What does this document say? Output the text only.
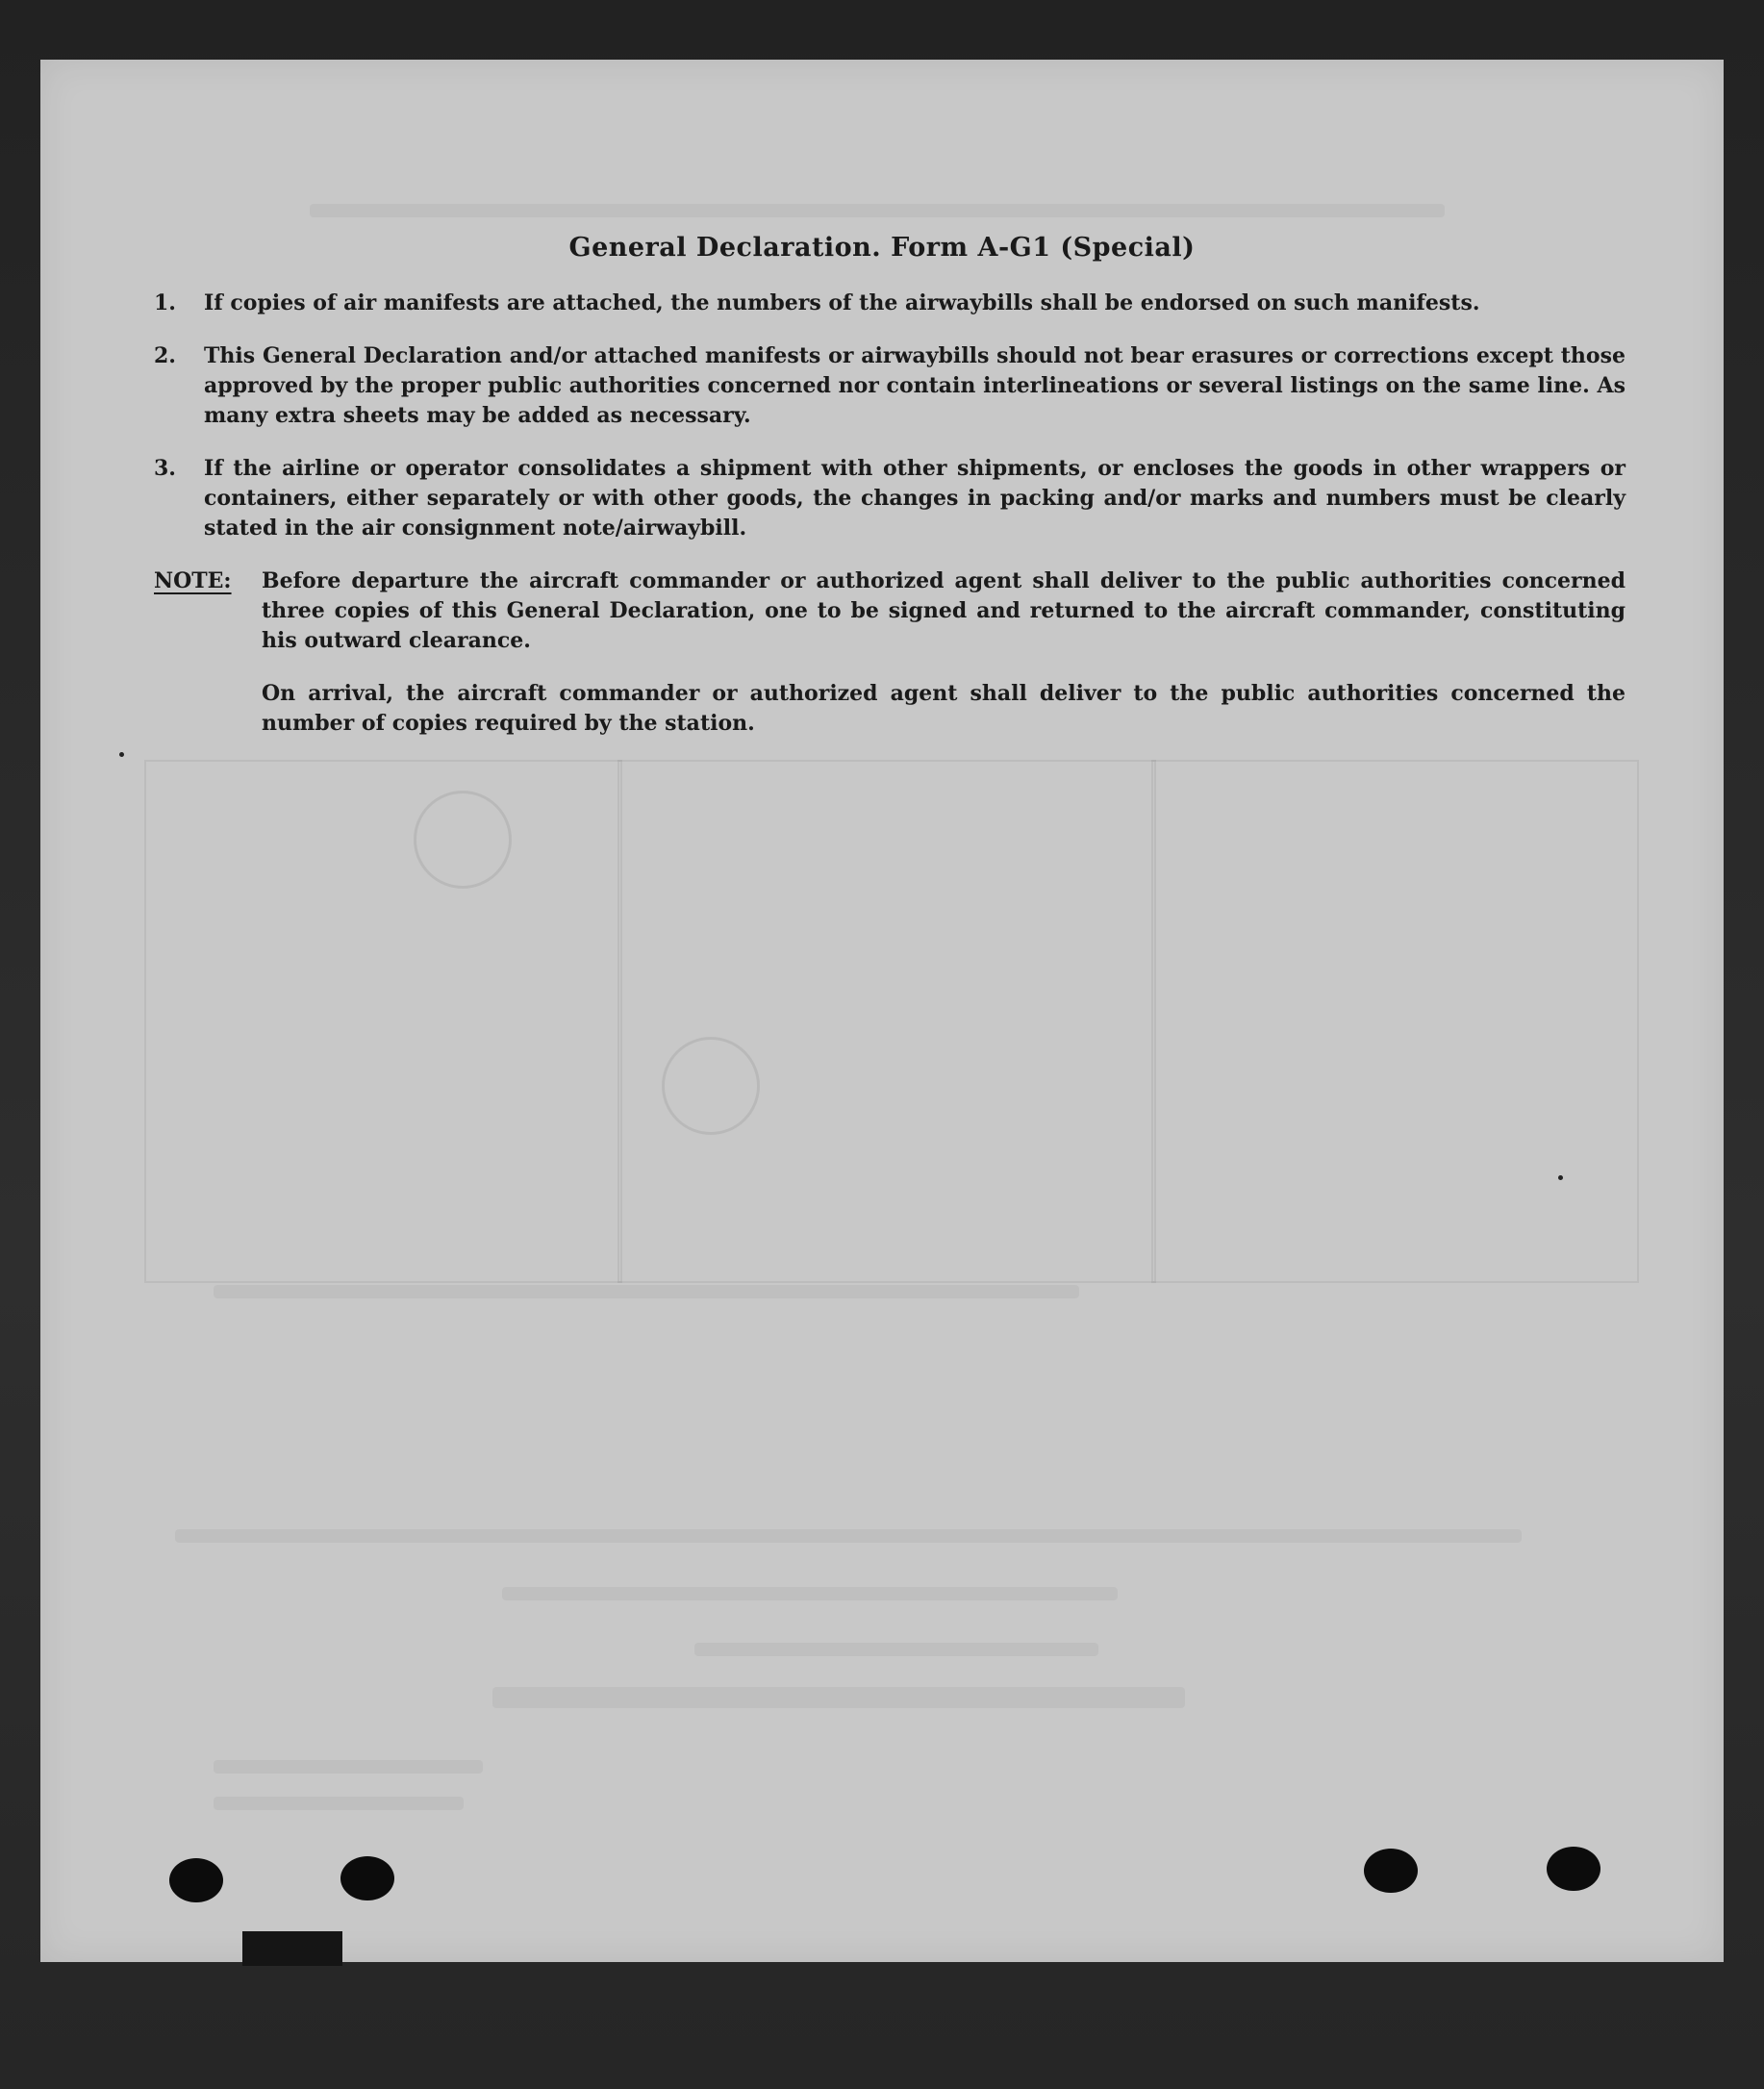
General Declaration. Form A-G1 (Special)
1.	If copies of air manifests are attached, the numbers of the airwaybills shall be endorsed on such manifests.
2.	This General Declaration and/or attached manifests or airwaybills should not bear erasures or corrections except those approved by the proper public authorities concerned nor contain interlineations or several listings on the same line. As many extra sheets may be added as necessary.
3.	If the airline or operator consolidates a shipment with other shipments, or encloses the goods in other wrappers or containers, either separately or with other goods, the changes in packing and/or marks and numbers must be clearly stated in the air consignment note/airwaybill.
NOTE:	Before departure the aircraft commander or authorized agent shall deliver to the public authorities concerned three copies of this General Declaration, one to be signed and returned to the aircraft commander, constituting his outward clearance.
On arrival, the aircraft commander or authorized agent shall deliver to the public authorities concerned the number of copies required by the station.
